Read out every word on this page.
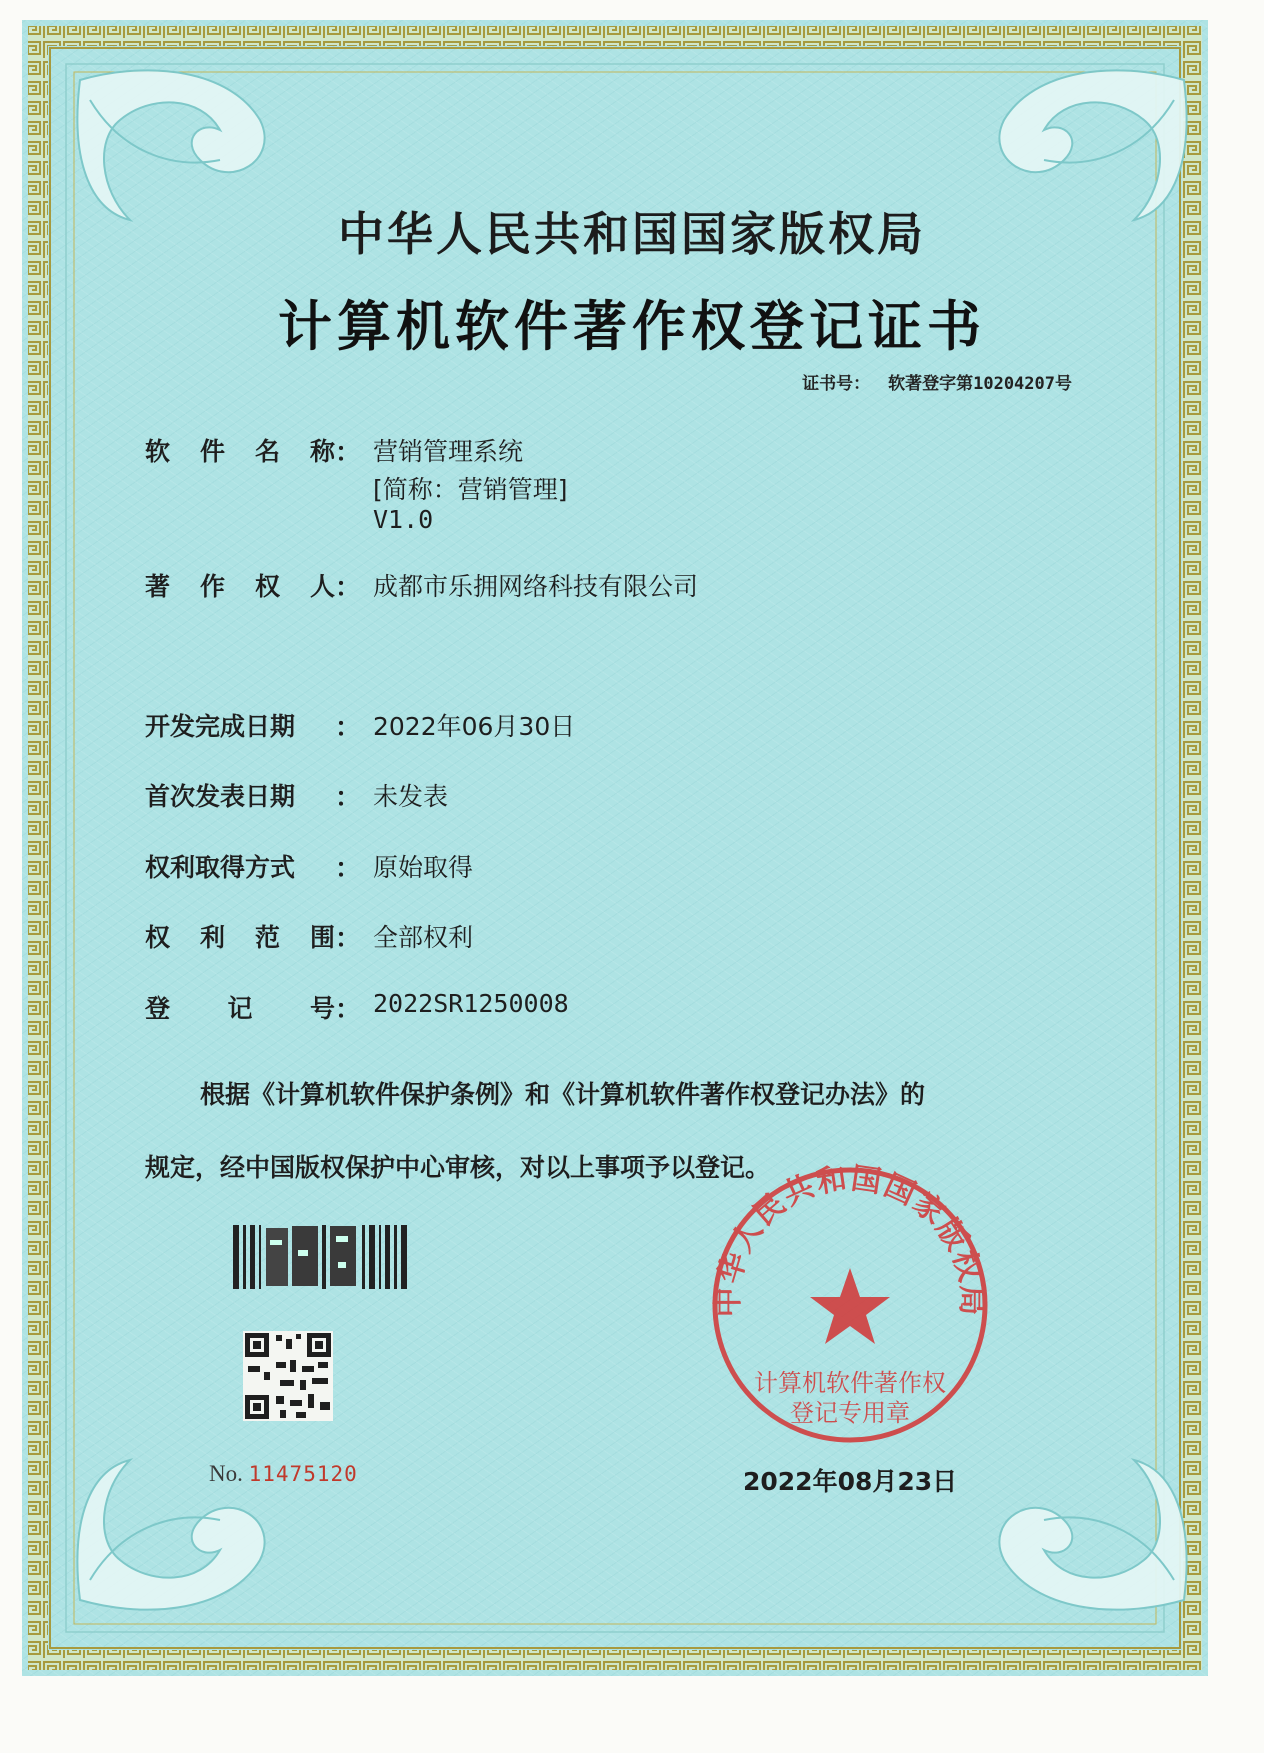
中华人民共和国国家版权局
计算机软件著作权登记证书
证书号： 软著登字第10204207号
软 件 名 称 ： 营销管理系统
[简称：营销管理]
V1.0
著 作 权 人 ： 成都市乐拥网络科技有限公司
开发完成日期	： 2022年06月30日
首次发表日期	： 未发表
权利取得方式	： 原始取得
权 利 范 围 ： 全部权利
登 记 号 ： 2022SR1250008
根据《计算机软件保护条例》和《计算机软件著作权登记办法》的
规定，经中国版权保护中心审核，对以上事项予以登记。
中华人民共和国国家版权局
计算机软件著作权
登记专用章
No. 11475120	2022年08月23日
